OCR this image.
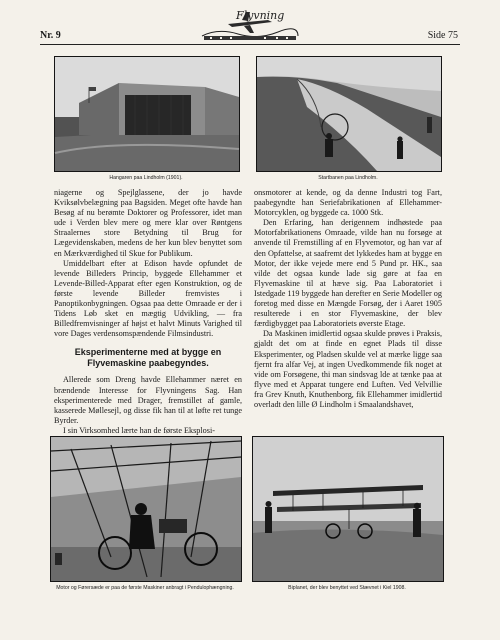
Nr. 9
Flyvning
Side 75
Hangaren paa Lindholm (1901).	Startbanen paa Lindholm.

niagerne og Spejlglassene, der jo havde Kviksølvbelægning paa Bagsiden. Meget ofte havde han Besøg af nu berømte Doktorer og Professorer, idet man ude i Verden blev mere og mere klar over Røntgens Straalernes store Betydning til Brug for Lægevidenskaben, medens de her kun blev benyttet som en Mærkværdighed til Skue for Publikum.

Umiddelbart efter at Edison havde opfundet de levende Billeders Princip, byggede Ellehammer et Levende-Billed-Apparat efter egen Konstruktion, og de første levende Billeder fremvistes i Panoptikonbygningen. Ogsaa paa dette Omraade er der i Tidens Løb sket en mægtig Udvikling, — fra Billedfremvisninger af højst et halvt Minuts Varighed til vore Dages verdensomspændende Filmsindustri.

Eksperimenterne med at bygge en Flyvemaskine paabegyndes.

Allerede som Dreng havde Ellehammer næret en brændende Interesse for Flyvningens Sag. Han eksperimenterede med Drager, fremstillet af gamle, kasserede Møllesejl, og disse fik han til at løfte ret tunge Byrder.

I sin Virksomhed lærte han de første Eksplosi-

onsmotorer at kende, og da denne Industri tog Fart, paabegyndte han Seriefabrikationen af Ellehammer-Motorcyklen, og byggede ca. 1000 Stk.

Den Erfaring, han derigennem indhøstede paa Motorfabrikationens Omraade, vilde han nu forsøge at anvende til Fremstilling af en Flyvemotor, og han var af den Opfattelse, at saafremt det lykkedes ham at bygge en Motor, der ikke vejede mere end 5 Pund pr. HK., saa vilde det ogsaa kunde lade sig gøre at faa en Flyvemaskine til at hæve sig. Paa Laboratoriet i Istedgade 119 byggede han derefter en Serie Modeller og foretog med disse en Mængde Forsøg, der i Aaret 1905 resulterede i en stor Flyvemaskine, der blev færdigbygget paa Laboratoriets øverste Etage.

Da Maskinen imidlertid ogsaa skulde prøves i Praksis, gjaldt det om at finde en egnet Plads til disse Eksperimenter, og Pladsen skulde vel at mærke ligge saa fjernt fra alfar Vej, at ingen Uvedkommende fik noget at vide om Forsøgene, thi man sindsvag lde at tænke paa at flyve med et Apparat tungere end Luften. Ved Velvillie fra Grev Knuth, Knuthenborg, fik Ellehammer imidlertid overladt den lille Ø Lindholm i Smaalandshavet,

Motor og Førersæde er paa de første Maskiner anbragt i Pendulophængning.	Biplanet, der blev benyttet ved Stævnet i Kiel 1908.
